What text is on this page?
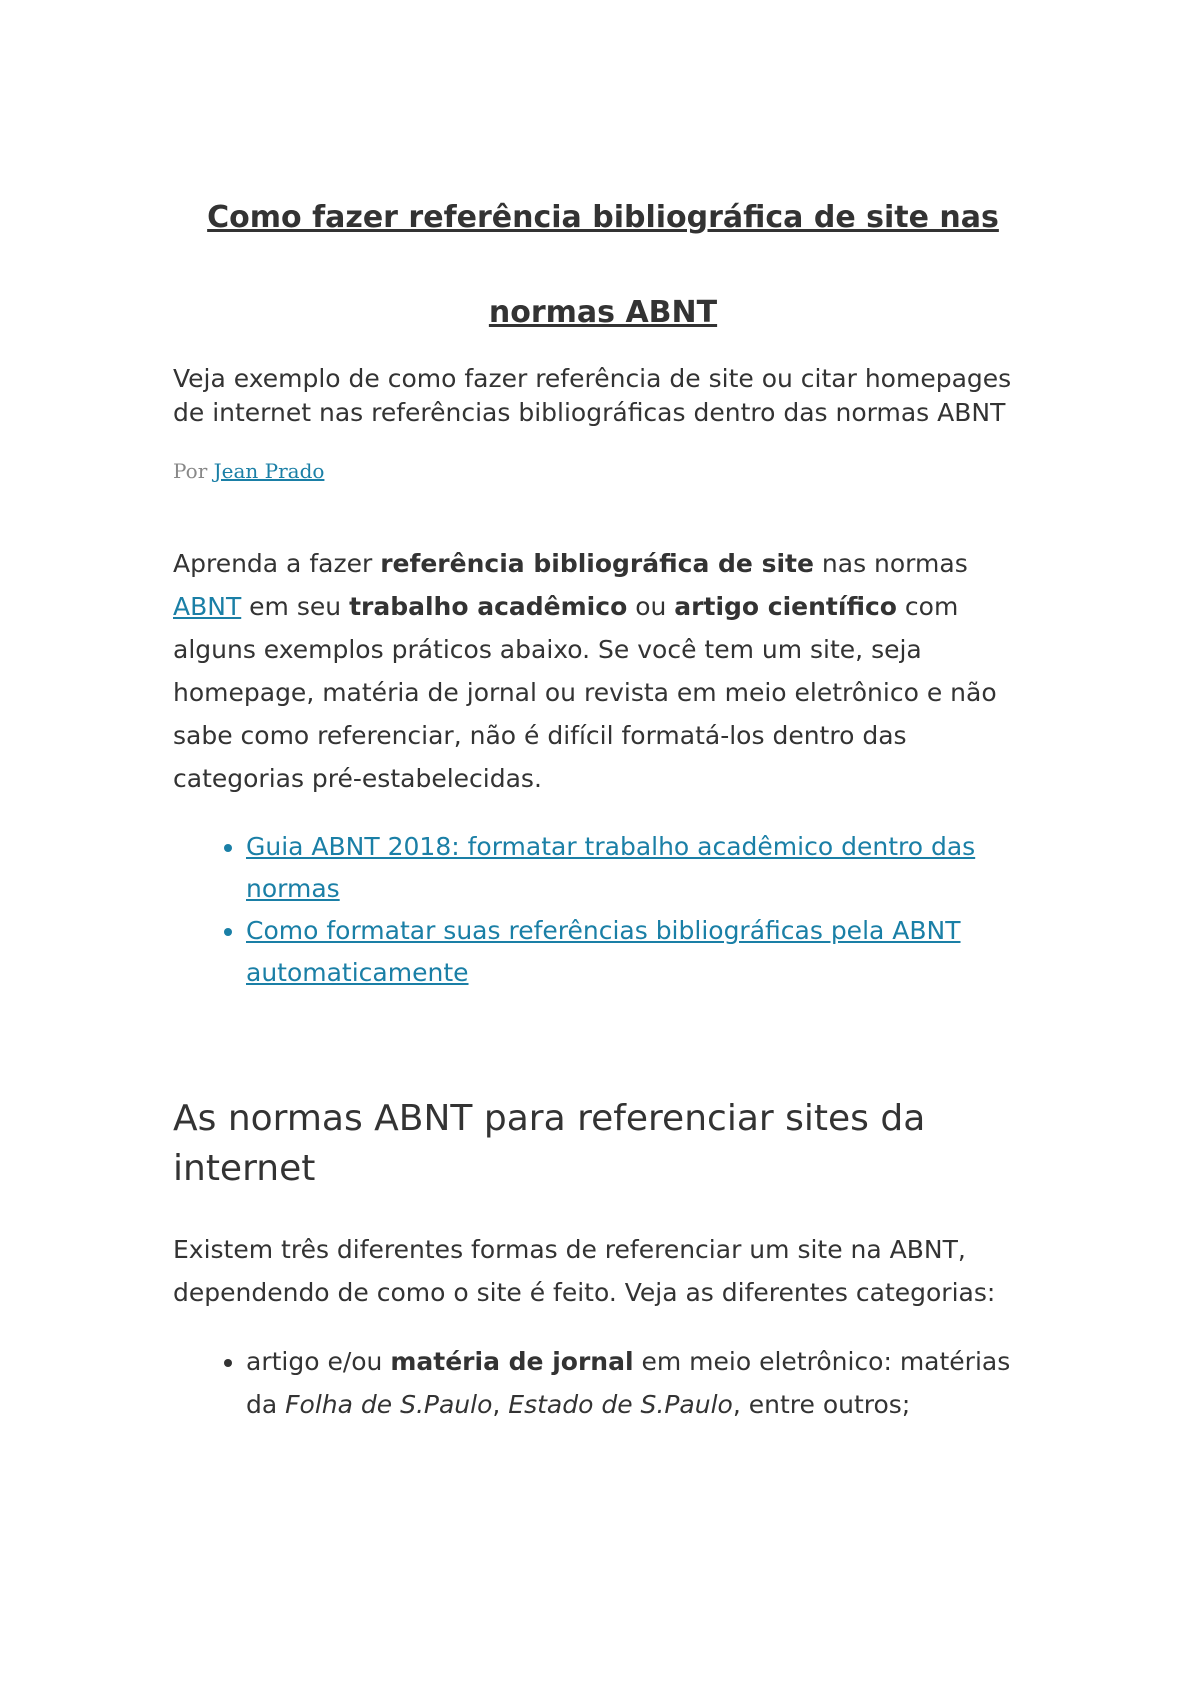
Como fazer referência bibliográfica de site nas
normas ABNT

Veja exemplo de como fazer referência de site ou citar homepages de internet nas referências bibliográficas dentro das normas ABNT

Por Jean Prado

Aprenda a fazer referência bibliográfica de site nas normas ABNT em seu trabalho acadêmico ou artigo científico com alguns exemplos práticos abaixo. Se você tem um site, seja homepage, matéria de jornal ou revista em meio eletrônico e não sabe como referenciar, não é difícil formatá-los dentro das categorias pré-estabelecidas.

• Guia ABNT 2018: formatar trabalho acadêmico dentro das normas
• Como formatar suas referências bibliográficas pela ABNT automaticamente
As normas ABNT para referenciar sites da internet

Existem três diferentes formas de referenciar um site na ABNT, dependendo de como o site é feito. Veja as diferentes categorias:

• artigo e/ou matéria de jornal em meio eletrônico: matérias da Folha de S.Paulo, Estado de S.Paulo, entre outros;
